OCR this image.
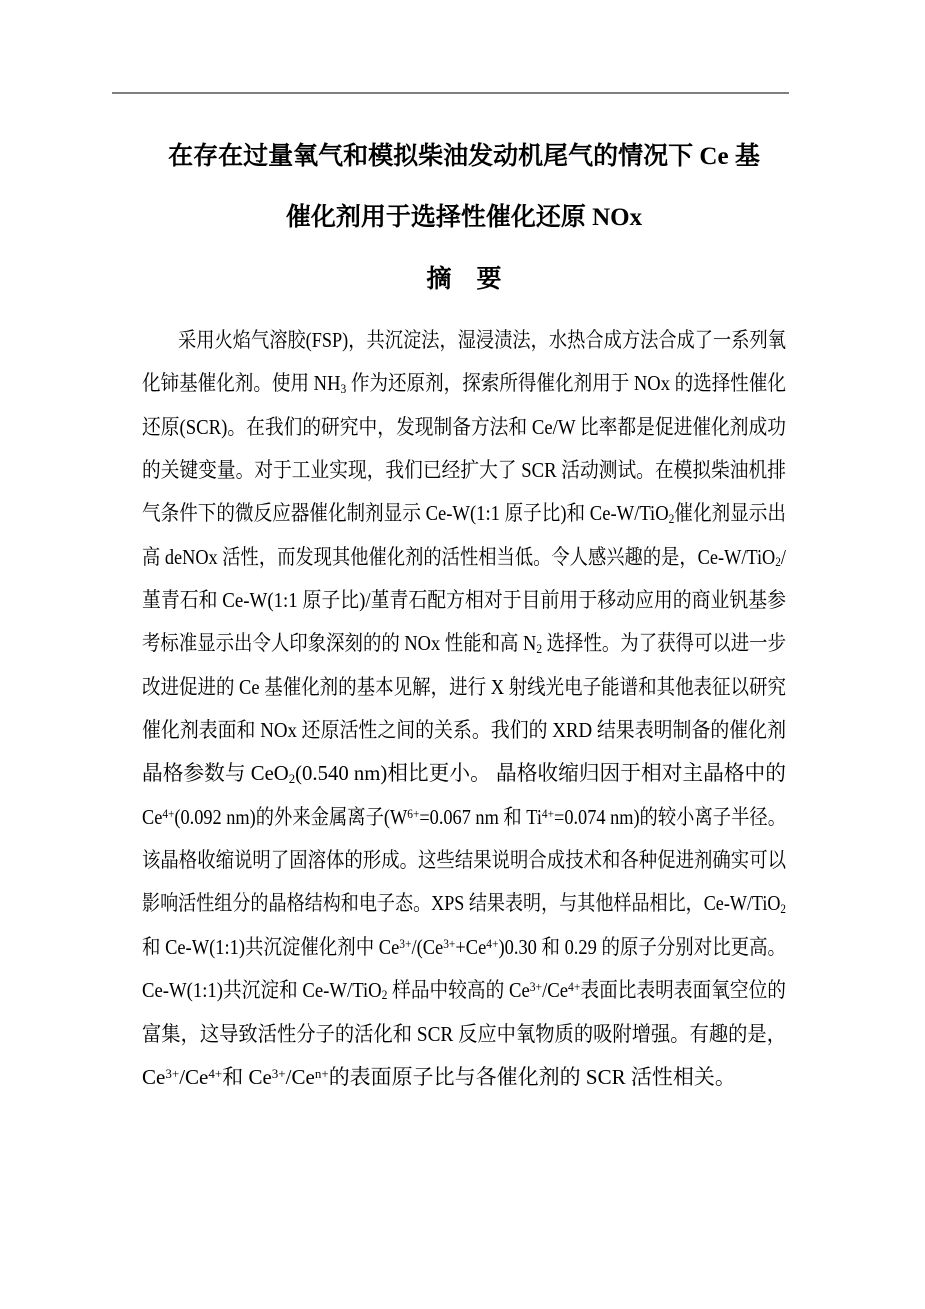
在存在过量氧气和模拟柴油发动机尾气的情况下 Ce 基
催化剂用于选择性催化还原 NOx
摘　要
采用火焰气溶胶(FSP)，共沉淀法，湿浸渍法，水热合成方法合成了一系列氧
化铈基催化剂。使用 $NH_3$ 作为还原剂，探索所得催化剂用于 NOx 的选择性催化
还原(SCR)。在我们的研究中，发现制备方法和 Ce/W 比率都是促进催化剂成功
的关键变量。对于工业实现，我们已经扩大了 SCR 活动测试。在模拟柴油机排
气条件下的微反应器催化制剂显示 Ce-W(1:1 原子比)和 Ce-W/TiO$_2$催化剂显示出
高 deNOx 活性，而发现其他催化剂的活性相当低。令人感兴趣的是，Ce-W/TiO$_2$/
堇青石和 Ce-W(1:1 原子比)/堇青石配方相对于目前用于移动应用的商业钒基参
考标准显示出令人印象深刻的的 NOx 性能和高 $N_2$ 选择性。为了获得可以进一步
改进促进的 Ce 基催化剂的基本见解，进行 X 射线光电子能谱和其他表征以研究
催化剂表面和 NOx 还原活性之间的关系。我们的 XRD 结果表明制备的催化剂
晶格参数与 CeO$_2$(0.540 nm)相比更小。 晶格收缩归因于相对主晶格中的
$Ce^{4+}(0.092$ nm)的外来金属离子($W^{6+}=0.067$ nm 和 $Ti^{4+}=0.074$ nm)的较小离子半径。
该晶格收缩说明了固溶体的形成。这些结果说明合成技术和各种促进剂确实可以
影响活性组分的晶格结构和电子态。XPS 结果表明，与其他样品相比，Ce-W/TiO$_2$
和 Ce-W(1:1)共沉淀催化剂中 $Ce^{3+}/(Ce^{3+}+Ce^{4+})0.30$ 和 0.29 的原子分别对比更高。
Ce-W(1:1)共沉淀和 Ce-W/TiO$_2$ 样品中较高的 $Ce^{3+}/Ce^{4+}$表面比表明表面氧空位的
富集，这导致活性分子的活化和 SCR 反应中氧物质的吸附增强。有趣的是，
$Ce^{3+}/Ce^{4+}$和 $Ce^{3+}/Ce^{n+}$的表面原子比与各催化剂的 SCR 活性相关。
